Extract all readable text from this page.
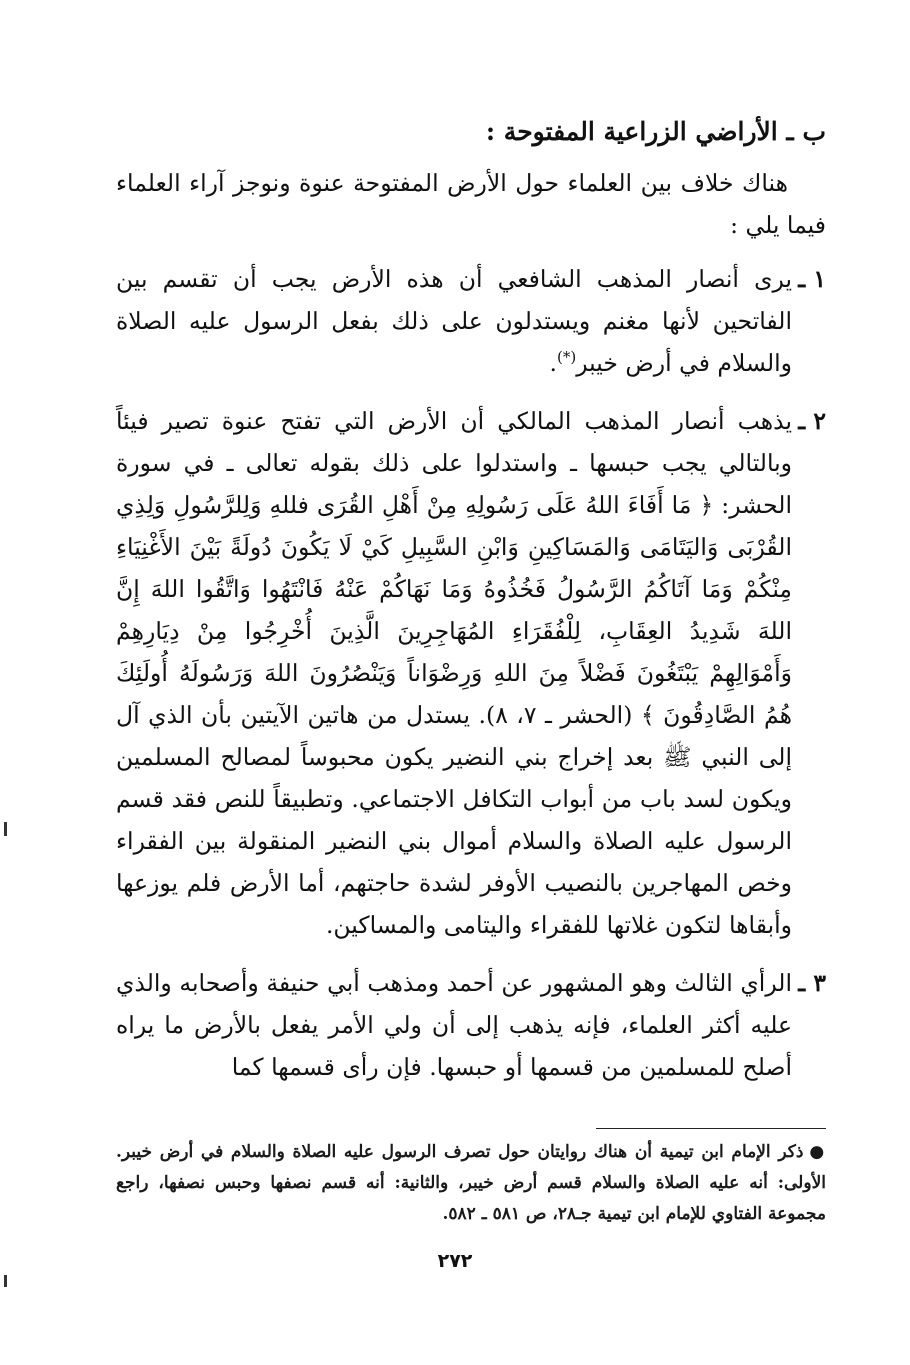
ب ـ الأراضي الزراعية المفتوحة :

هناك خلاف بين العلماء حول الأرض المفتوحة عنوة ونوجز آراء العلماء فيما يلي :

١ ـ
يرى أنصار المذهب الشافعي أن هذه الأرض يجب أن تقسم بين الفاتحين لأنها مغنم ويستدلون على ذلك بفعل الرسول عليه الصلاة والسلام في أرض خيبر(*).
٢ ـ
يذهب أنصار المذهب المالكي أن الأرض التي تفتح عنوة تصير فيئاً وبالتالي يجب حبسها ـ واستدلوا على ذلك بقوله تعالى ـ في سورة الحشر: ﴿ مَا أَفَاءَ اللهُ عَلَى رَسُولِهِ مِنْ أَهْلِ القُرَى فللهِ وَلِلرَّسُولِ وَلِذِي القُرْبَى وَاليَتَامَى وَالمَسَاكِينِ وَابْنِ السَّبِيلِ كَيْ لَا يَكُونَ دُولَةً بَيْنَ الأَغْنِيَاءِ مِنْكُمْ وَمَا آتَاكُمُ الرَّسُولُ فَخُذُوهُ وَمَا نَهَاكُمْ عَنْهُ فَانْتَهُوا وَاتَّقُوا اللهَ إِنَّ اللهَ شَدِيدُ العِقَابِ، لِلْفُقَرَاءِ المُهَاجِرِينَ الَّذِينَ أُخْرِجُوا مِنْ دِيَارِهِمْ وَأَمْوَالِهِمْ يَبْتَغُونَ فَضْلاً مِنَ اللهِ وَرِضْوَاناً وَيَنْصُرُونَ اللهَ وَرَسُولَهُ أُولَئِكَ هُمُ الصَّادِقُونَ ﴾ (الحشر ـ ٧، ٨). يستدل من هاتين الآيتين بأن الذي آل إلى النبي ﷺ بعد إخراج بني النضير يكون محبوساً لمصالح المسلمين ويكون لسد باب من أبواب التكافل الاجتماعي. وتطبيقاً للنص فقد قسم الرسول عليه الصلاة والسلام أموال بني النضير المنقولة بين الفقراء وخص المهاجرين بالنصيب الأوفر لشدة حاجتهم، أما الأرض فلم يوزعها وأبقاها لتكون غلاتها للفقراء واليتامى والمساكين.
٣ ـ
الرأي الثالث وهو المشهور عن أحمد ومذهب أبي حنيفة وأصحابه والذي عليه أكثر العلماء، فإنه يذهب إلى أن ولي الأمر يفعل بالأرض ما يراه أصلح للمسلمين من قسمها أو حبسها. فإن رأى قسمها كما
●ذكر الإمام ابن تيمية أن هناك روايتان حول تصرف الرسول عليه الصلاة والسلام في أرض خيبر. الأولى: أنه عليه الصلاة والسلام قسم أرض خيبر، والثانية: أنه قسم نصفها وحبس نصفها، راجع مجموعة الفتاوي للإمام ابن تيمية جـ٢٨، ص ٥٨١ ـ ٥٨٢.
٢٧٢
